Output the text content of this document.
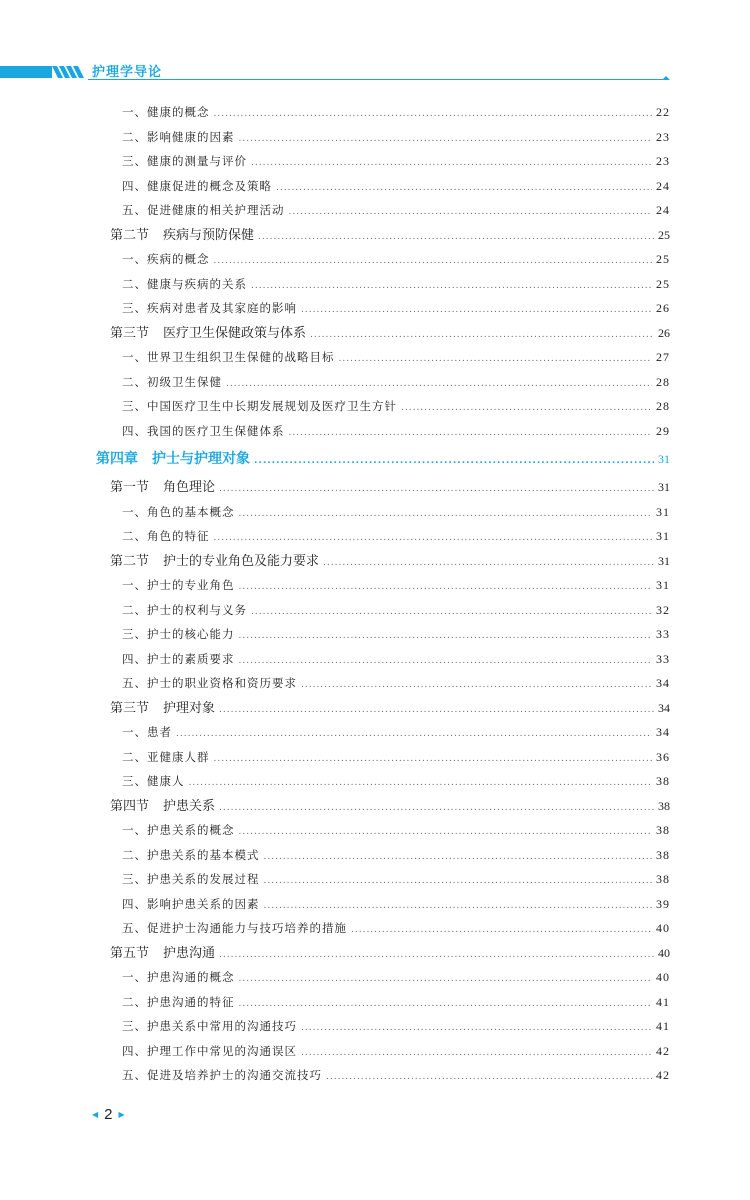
护理学导论
一、健康的概念 .....	22
二、影响健康的因素 .....	23
三、健康的测量与评价 .....	23
四、健康促进的概念及策略 .....	24
五、促进健康的相关护理活动 .....	24
第二节 疾病与预防保健 .....	25
一、疾病的概念 .....	25
二、健康与疾病的关系 .....	25
三、疾病对患者及其家庭的影响 .....	26
第三节 医疗卫生保健政策与体系 .....	26
一、世界卫生组织卫生保健的战略目标 .....	27
二、初级卫生保健 .....	28
三、中国医疗卫生中长期发展规划及医疗卫生方针 .....	28
四、我国的医疗卫生保健体系 .....	29
第四章 护士与护理对象 .....	31
第一节 角色理论 .....	31
一、角色的基本概念 .....	31
二、角色的特征 .....	31
第二节 护士的专业角色及能力要求 .....	31
一、护士的专业角色 .....	31
二、护士的权利与义务 .....	32
三、护士的核心能力 .....	33
四、护士的素质要求 .....	33
五、护士的职业资格和资历要求 .....	34
第三节 护理对象 .....	34
一、患者 .....	34
二、亚健康人群 .....	36
三、健康人 .....	38
第四节 护患关系 .....	38
一、护患关系的概念 .....	38
二、护患关系的基本模式 .....	38
三、护患关系的发展过程 .....	38
四、影响护患关系的因素 .....	39
五、促进护士沟通能力与技巧培养的措施 .....	40
第五节 护患沟通 .....	40
一、护患沟通的概念 .....	40
二、护患沟通的特征 .....	41
三、护患关系中常用的沟通技巧 .....	41
四、护理工作中常见的沟通误区 .....	42
五、促进及培养护士的沟通交流技巧 .....	42
◀ 2 ▶
